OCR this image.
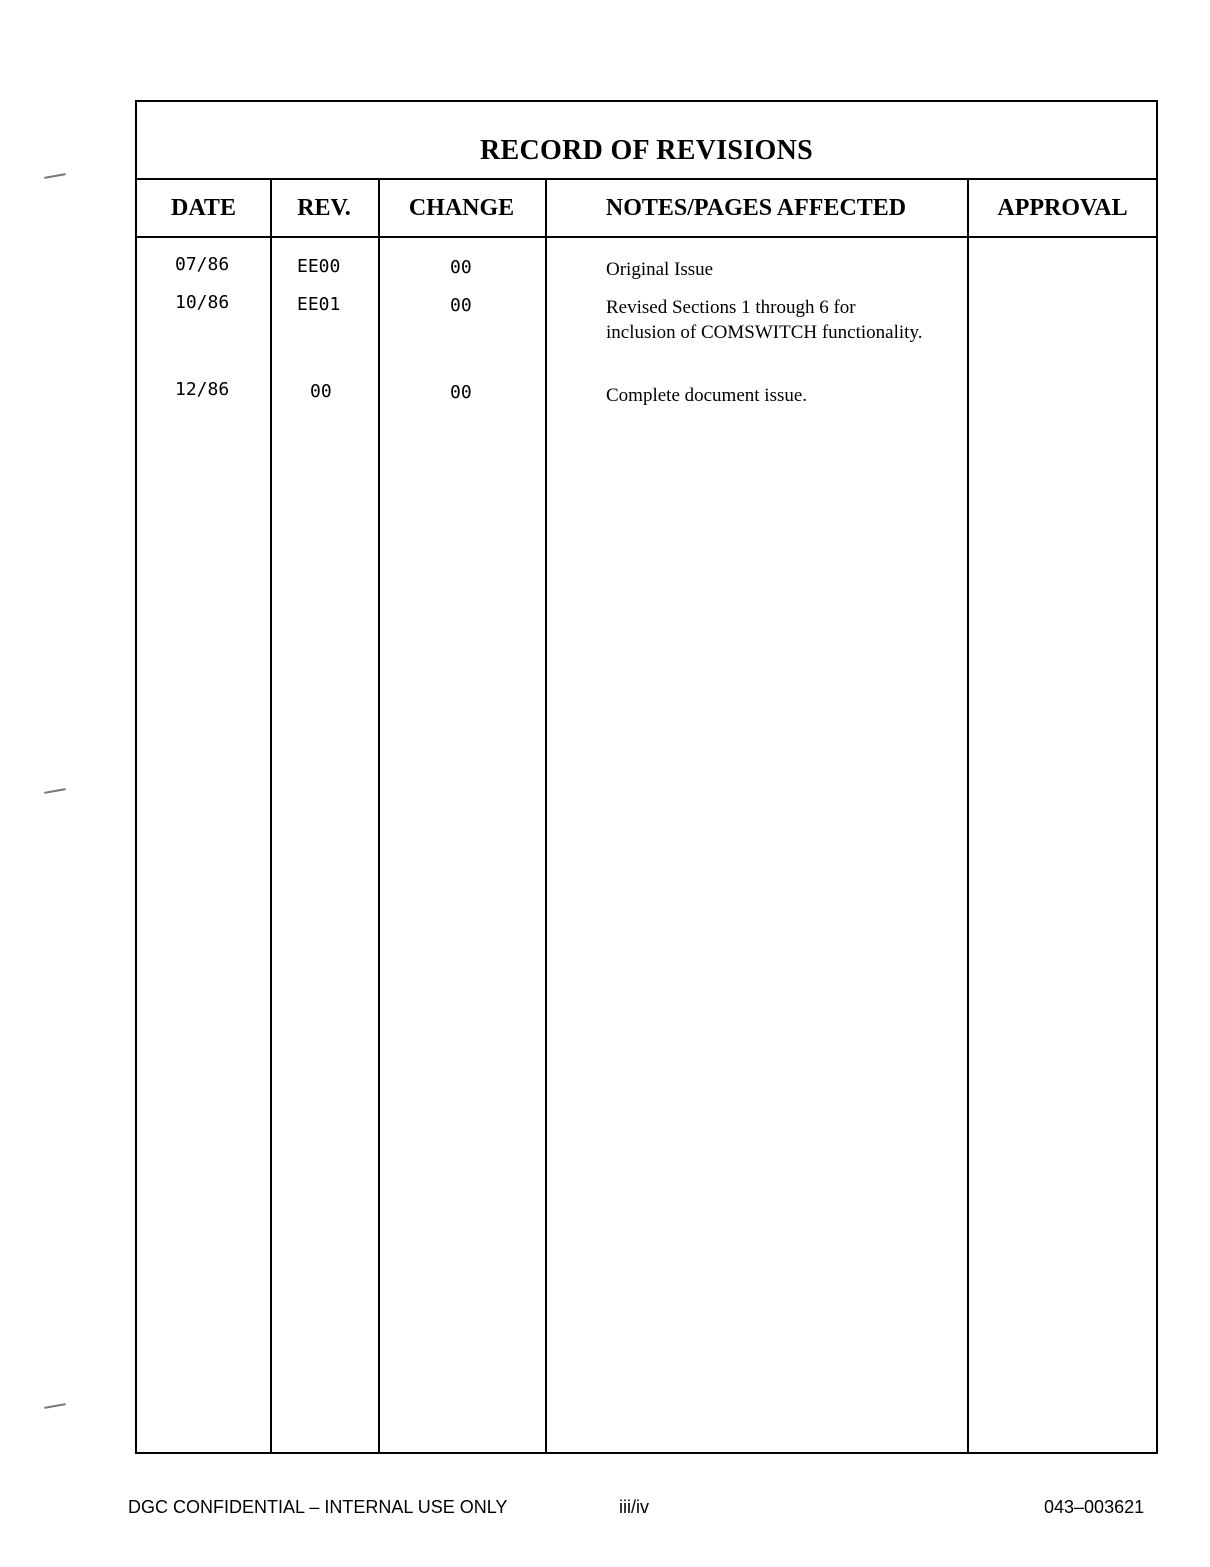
RECORD OF REVISIONS
DATE	REV.	CHANGE	NOTES/PAGES AFFECTED	APPROVAL
07/86	EE00	00	Original Issue
10/86	EE01	00	Revised Sections 1 through 6 for inclusion of COMSWITCH functionality.
12/86	00	00	Complete document issue.
DGC CONFIDENTIAL – INTERNAL USE ONLY	iii/iv	043–003621
